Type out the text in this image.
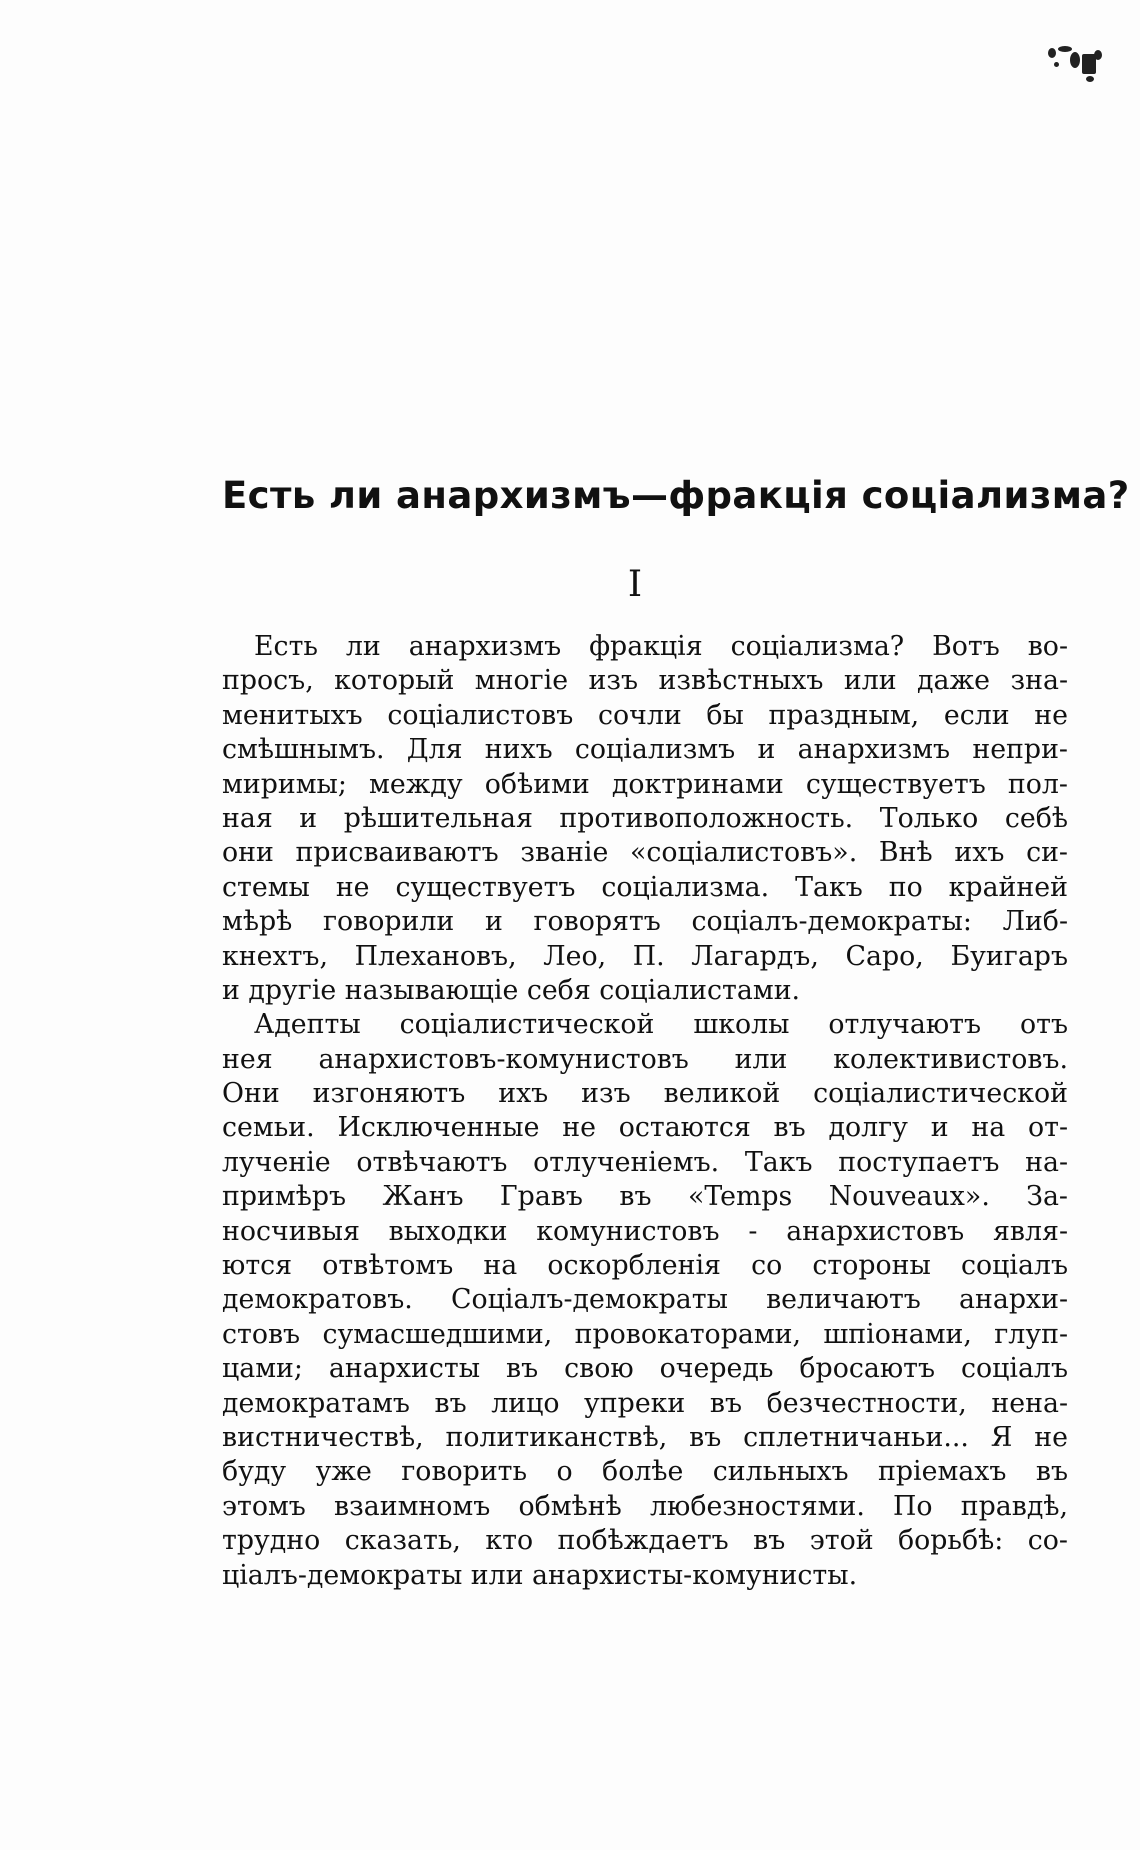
Есть ли анархизмъ—фракція соціализма?
I

Есть ли анархизмъ фракція соціализма? Вотъ во-
просъ, который многіе изъ извѣстныхъ или даже зна-
менитыхъ соціалистовъ сочли бы праздным, если не
смѣшнымъ. Для нихъ соціализмъ и анархизмъ непри-
миримы; между обѣими доктринами существуетъ пол-
ная и рѣшительная противоположность. Только себѣ
они присваиваютъ званіе «соціалистовъ». Внѣ ихъ си-
стемы не существуетъ соціализма. Такъ по крайней
мѣрѣ говорили и говорятъ соціалъ-демократы: Либ-
кнехтъ, Плехановъ, Лео, П. Лагардъ, Саро, Буигаръ
и другіе называющіе себя соціалистами.

Адепты соціалистической школы отлучаютъ отъ
нея анархистовъ-комунистовъ или колективистовъ.
Они изгоняютъ ихъ изъ великой соціалистической
семьи. Исключенные не остаются въ долгу и на от-
лученіе отвѣчаютъ отлученіемъ. Такъ поступаетъ на-
примѣръ Жанъ Гравъ въ «Temps Nouveaux». За-
носчивыя выходки комунистовъ - анархистовъ явля-
ются отвѣтомъ на оскорбленія со стороны соціалъ
демократовъ. Соціалъ-демократы величаютъ анархи-
стовъ сумасшедшими, провокаторами, шпіонами, глуп-
цами; анархисты въ свою очередь бросаютъ соціалъ
демократамъ въ лицо упреки въ безчестности, нена-
вистничествѣ, политиканствѣ, въ сплетничаньи... Я не
буду уже говорить о болѣе сильныхъ пріемахъ въ
этомъ взаимномъ обмѣнѣ любезностями. По правдѣ,
трудно сказать, кто побѣждаетъ въ этой борьбѣ: со-
ціалъ-демократы или анархисты-комунисты.
